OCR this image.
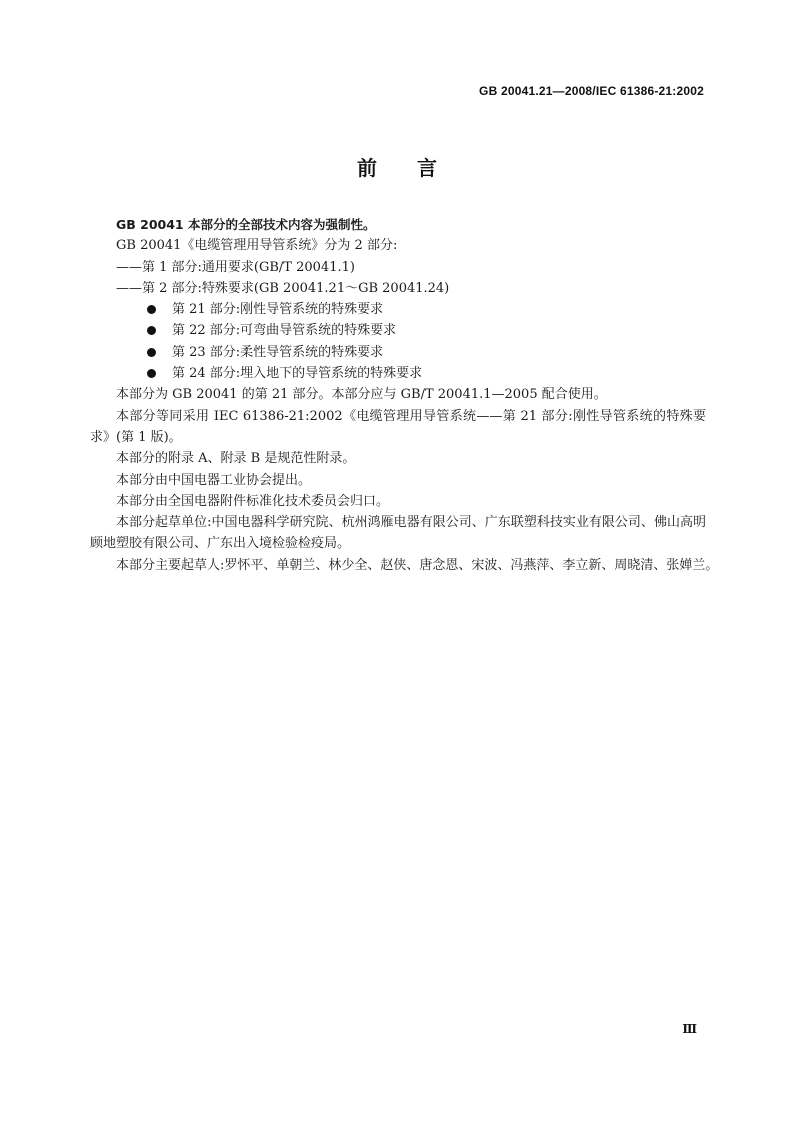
GB 20041.21—2008/IEC 61386-21:2002
前 言

GB 20041 本部分的全部技术内容为强制性。

GB 20041《电缆管理用导管系统》分为 2 部分:

——第 1 部分:通用要求(GB/T 20041.1)

——第 2 部分:特殊要求(GB 20041.21～GB 20041.24)

第 21 部分:刚性导管系统的特殊要求

第 22 部分:可弯曲导管系统的特殊要求

第 23 部分:柔性导管系统的特殊要求

第 24 部分:埋入地下的导管系统的特殊要求

本部分为 GB 20041 的第 21 部分。本部分应与 GB/T 20041.1—2005 配合使用。

本部分等同采用 IEC 61386-21:2002《电缆管理用导管系统——第 21 部分:刚性导管系统的特殊要求》(第 1 版)。

本部分的附录 A、附录 B 是规范性附录。

本部分由中国电器工业协会提出。

本部分由全国电器附件标准化技术委员会归口。

本部分起草单位:中国电器科学研究院、杭州鸿雁电器有限公司、广东联塑科技实业有限公司、佛山高明顾地塑胶有限公司、广东出入境检验检疫局。

本部分主要起草人:罗怀平、单朝兰、林少全、赵侠、唐念恩、宋波、冯燕萍、李立新、周晓清、张婵兰。

Ⅲ
